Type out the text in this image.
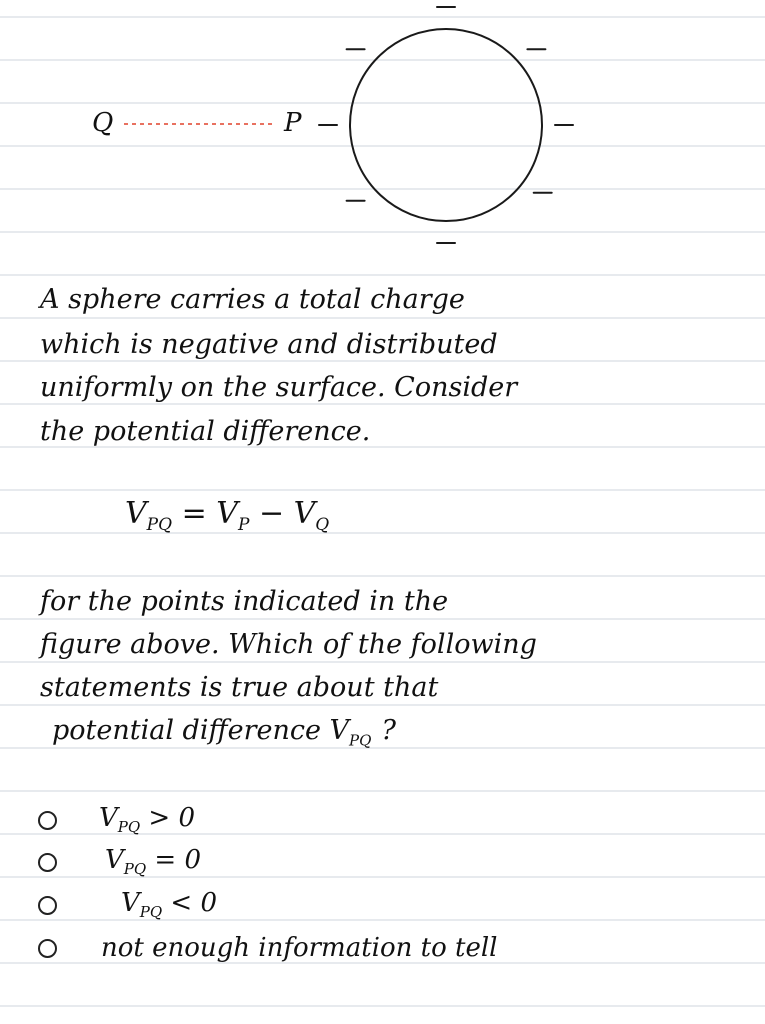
Q	P
A sphere carries a total charge
which is negative and distributed
uniformly on the surface. Consider
the potential difference.
$V_{PQ} = V_P - V_Q$
for the points indicated in the
figure above. Which of the following
statements is true about that
potential difference $V_{PQ}$ ?
$V_{PQ} > 0$
$V_{PQ} = 0$
$V_{PQ} < 0$
not enough information to tell
